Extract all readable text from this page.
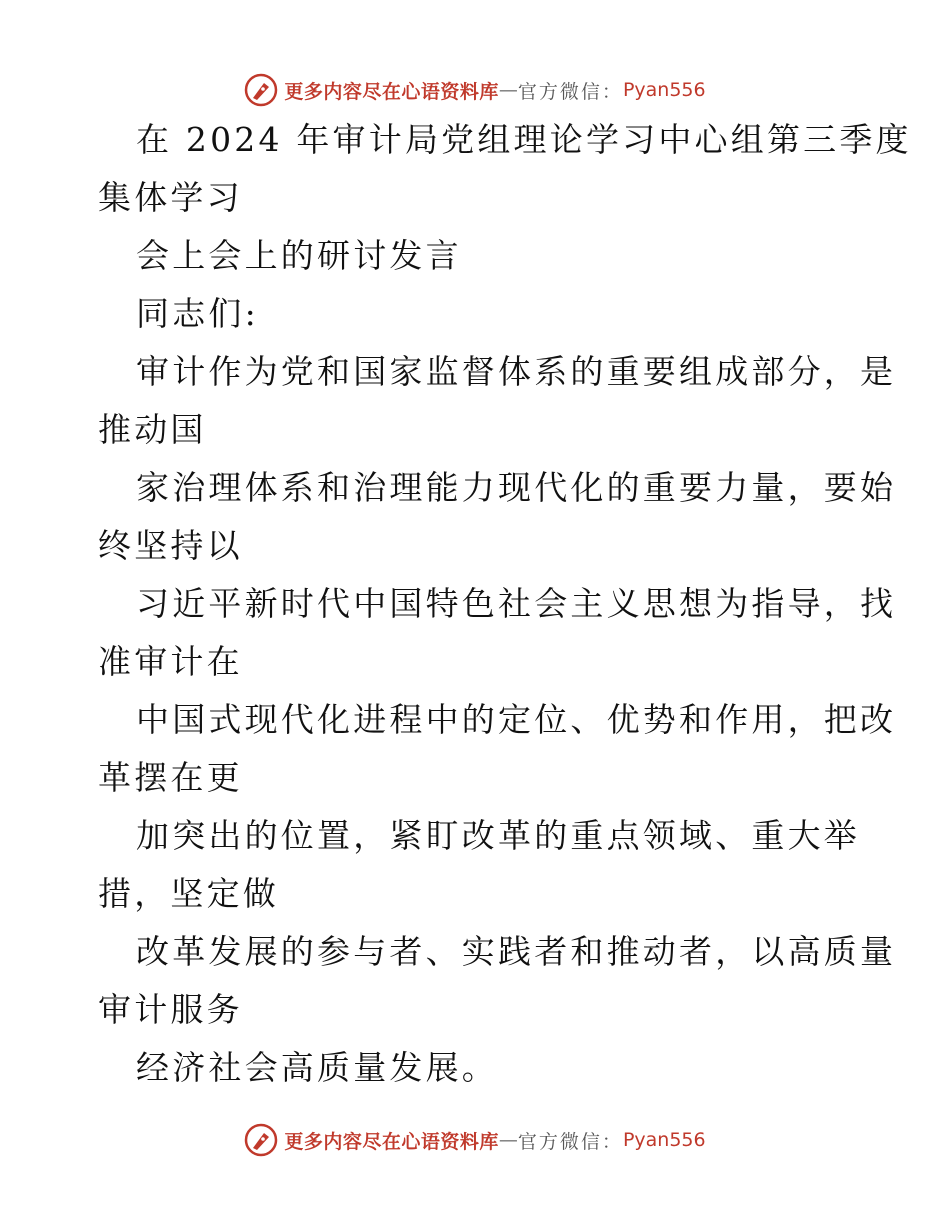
更多内容尽在心语资料库 — 官方微信： Pyan556
在 2024 年审计局党组理论学习中心组第三季度
集体学习
会上会上的研讨发言
同志们:
审计作为党和国家监督体系的重要组成部分，是
推动国
家治理体系和治理能力现代化的重要力量，要始
终坚持以
习近平新时代中国特色社会主义思想为指导，找
准审计在
中国式现代化进程中的定位、优势和作用，把改
革摆在更
加突出的位置，紧盯改革的重点领域、重大举
措，坚定做
改革发展的参与者、实践者和推动者，以高质量
审计服务
经济社会高质量发展。
更多内容尽在心语资料库 — 官方微信： Pyan556
